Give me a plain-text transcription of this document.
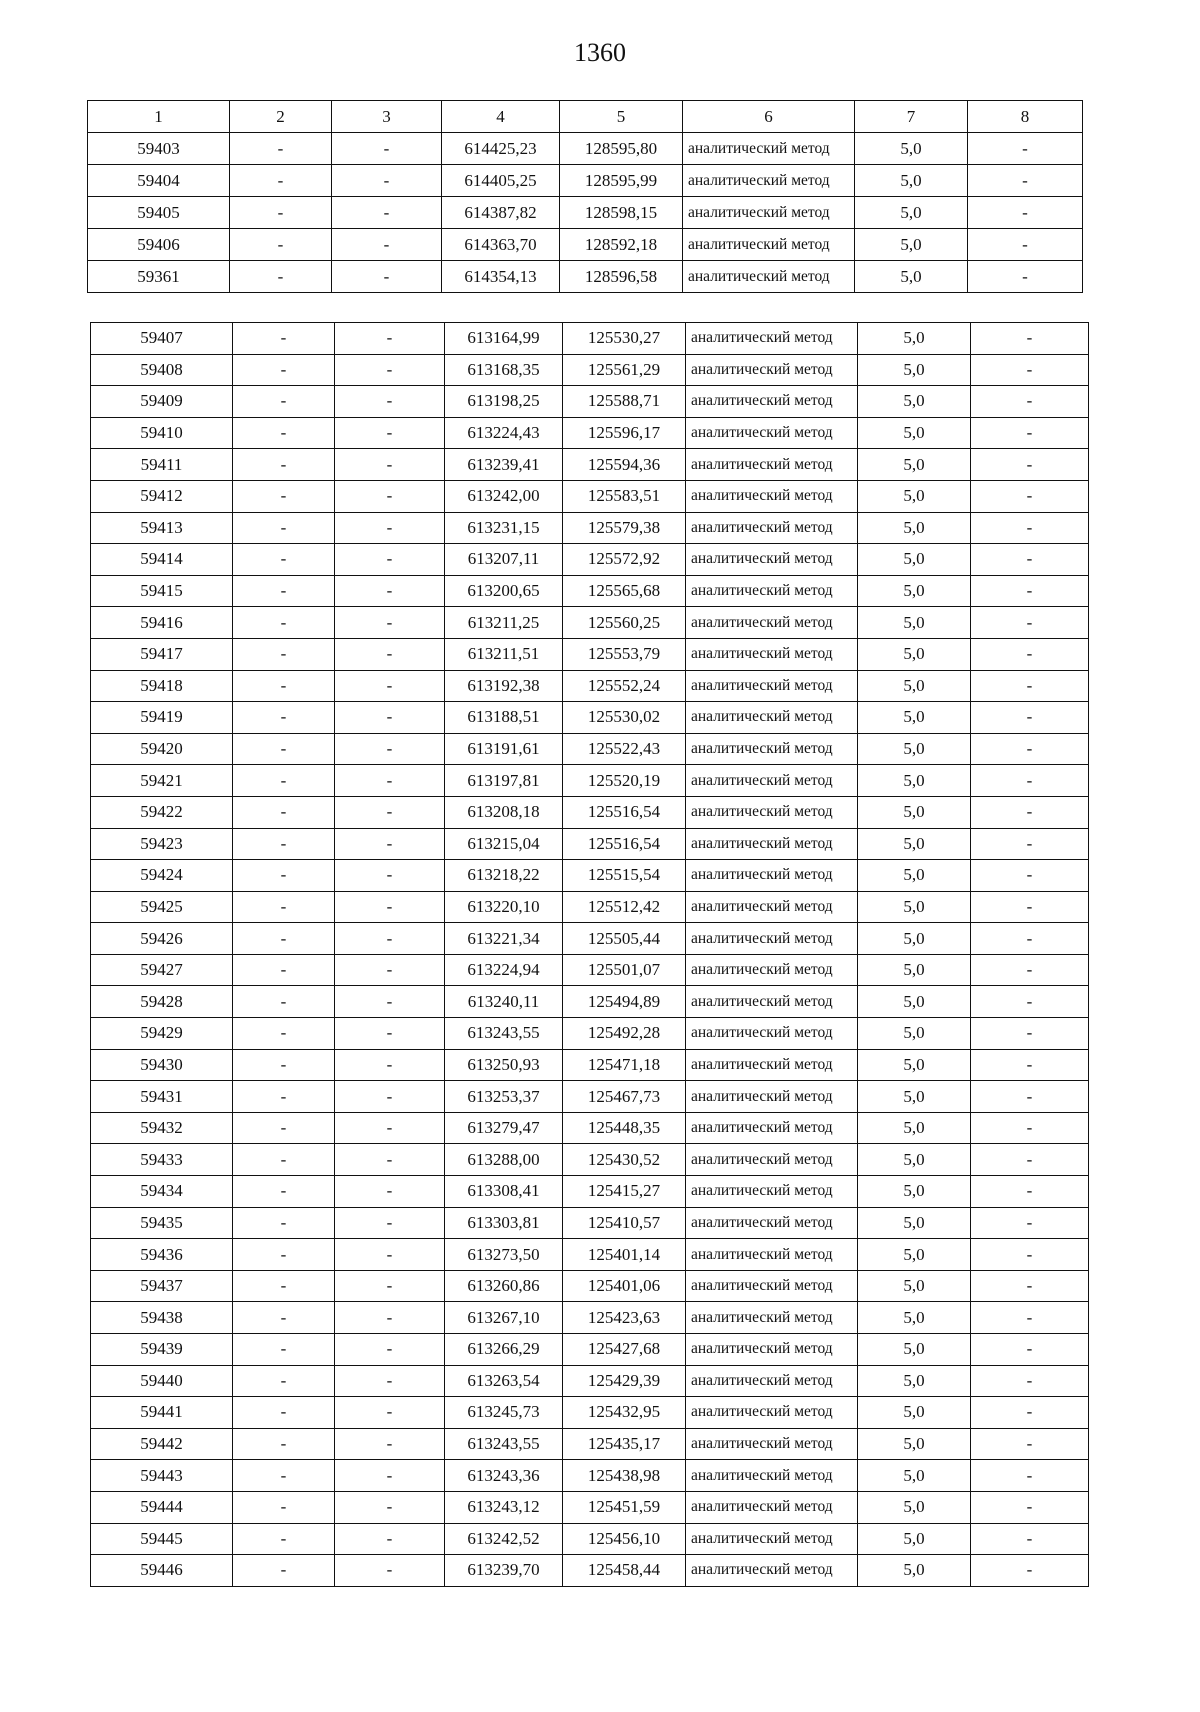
1360
1	2	3	4	5	6	7	8
59403	-	-	614425,23	128595,80	аналитический метод	5,0	-
59404	-	-	614405,25	128595,99	аналитический метод	5,0	-
59405	-	-	614387,82	128598,15	аналитический метод	5,0	-
59406	-	-	614363,70	128592,18	аналитический метод	5,0	-
59361	-	-	614354,13	128596,58	аналитический метод	5,0	-
59407	-	-	613164,99	125530,27	аналитический метод	5,0	-
59408	-	-	613168,35	125561,29	аналитический метод	5,0	-
59409	-	-	613198,25	125588,71	аналитический метод	5,0	-
59410	-	-	613224,43	125596,17	аналитический метод	5,0	-
59411	-	-	613239,41	125594,36	аналитический метод	5,0	-
59412	-	-	613242,00	125583,51	аналитический метод	5,0	-
59413	-	-	613231,15	125579,38	аналитический метод	5,0	-
59414	-	-	613207,11	125572,92	аналитический метод	5,0	-
59415	-	-	613200,65	125565,68	аналитический метод	5,0	-
59416	-	-	613211,25	125560,25	аналитический метод	5,0	-
59417	-	-	613211,51	125553,79	аналитический метод	5,0	-
59418	-	-	613192,38	125552,24	аналитический метод	5,0	-
59419	-	-	613188,51	125530,02	аналитический метод	5,0	-
59420	-	-	613191,61	125522,43	аналитический метод	5,0	-
59421	-	-	613197,81	125520,19	аналитический метод	5,0	-
59422	-	-	613208,18	125516,54	аналитический метод	5,0	-
59423	-	-	613215,04	125516,54	аналитический метод	5,0	-
59424	-	-	613218,22	125515,54	аналитический метод	5,0	-
59425	-	-	613220,10	125512,42	аналитический метод	5,0	-
59426	-	-	613221,34	125505,44	аналитический метод	5,0	-
59427	-	-	613224,94	125501,07	аналитический метод	5,0	-
59428	-	-	613240,11	125494,89	аналитический метод	5,0	-
59429	-	-	613243,55	125492,28	аналитический метод	5,0	-
59430	-	-	613250,93	125471,18	аналитический метод	5,0	-
59431	-	-	613253,37	125467,73	аналитический метод	5,0	-
59432	-	-	613279,47	125448,35	аналитический метод	5,0	-
59433	-	-	613288,00	125430,52	аналитический метод	5,0	-
59434	-	-	613308,41	125415,27	аналитический метод	5,0	-
59435	-	-	613303,81	125410,57	аналитический метод	5,0	-
59436	-	-	613273,50	125401,14	аналитический метод	5,0	-
59437	-	-	613260,86	125401,06	аналитический метод	5,0	-
59438	-	-	613267,10	125423,63	аналитический метод	5,0	-
59439	-	-	613266,29	125427,68	аналитический метод	5,0	-
59440	-	-	613263,54	125429,39	аналитический метод	5,0	-
59441	-	-	613245,73	125432,95	аналитический метод	5,0	-
59442	-	-	613243,55	125435,17	аналитический метод	5,0	-
59443	-	-	613243,36	125438,98	аналитический метод	5,0	-
59444	-	-	613243,12	125451,59	аналитический метод	5,0	-
59445	-	-	613242,52	125456,10	аналитический метод	5,0	-
59446	-	-	613239,70	125458,44	аналитический метод	5,0	-
